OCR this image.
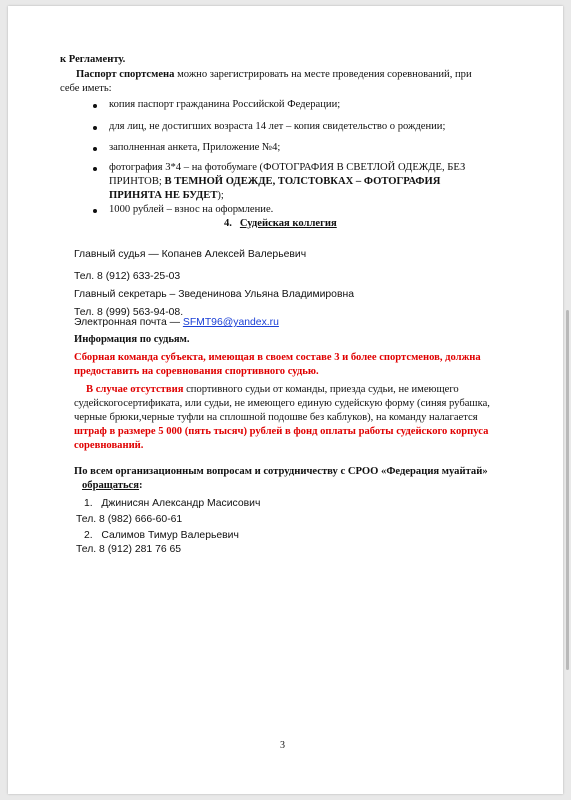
к Регламенту.
Паспорт спортсмена можно зарегистрировать на месте проведения соревнований, при
себе иметь:
копия паспорт гражданина Российской Федерации;
для лиц, не достигших возраста 14 лет – копия свидетельство о рождении;
заполненная анкета, Приложение №4;
фотография 3*4 – на фотобумаге (ФОТОГРАФИЯ В СВЕТЛОЙ ОДЕЖДЕ, БЕЗ
ПРИНТОВ; В ТЕМНОЙ ОДЕЖДЕ, ТОЛСТОВКАХ – ФОТОГРАФИЯ
ПРИНЯТА НЕ БУДЕТ);
1000 рублей – взнос на оформление.
4. Судейская коллегия
Главный судья — Копанев Алексей Валерьевич
Тел. 8 (912) 633-25-03
Главный секретарь – Зведенинова Ульяна Владимировна
Тел. 8 (999) 563-94-08.
Электронная почта — SFMT96@yandex.ru
Информация по судьям.
Сборная команда субъекта, имеющая в своем составе 3 и более спортсменов, должна
предоставить на соревнования спортивного судью.
В случае отсутствия спортивного судьи от команды, приезда судьи, не имеющего
судейскогосертификата, или судьи, не имеющего единую судейскую форму (синяя рубашка,
черные брюки,черные туфли на сплошной подошве без каблуков), на команду налагается
штраф в размере 5 000 (пять тысяч) рублей в фонд оплаты работы судейского корпуса
соревнований.
По всем организационным вопросам и сотрудничеству с СРОО «Федерация муайтай»
обращаться:
1. Джинисян Александр Масисович
Тел. 8 (982) 666-60-61
2. Салимов Тимур Валерьевич
Тел. 8 (912) 281 76 65
3
